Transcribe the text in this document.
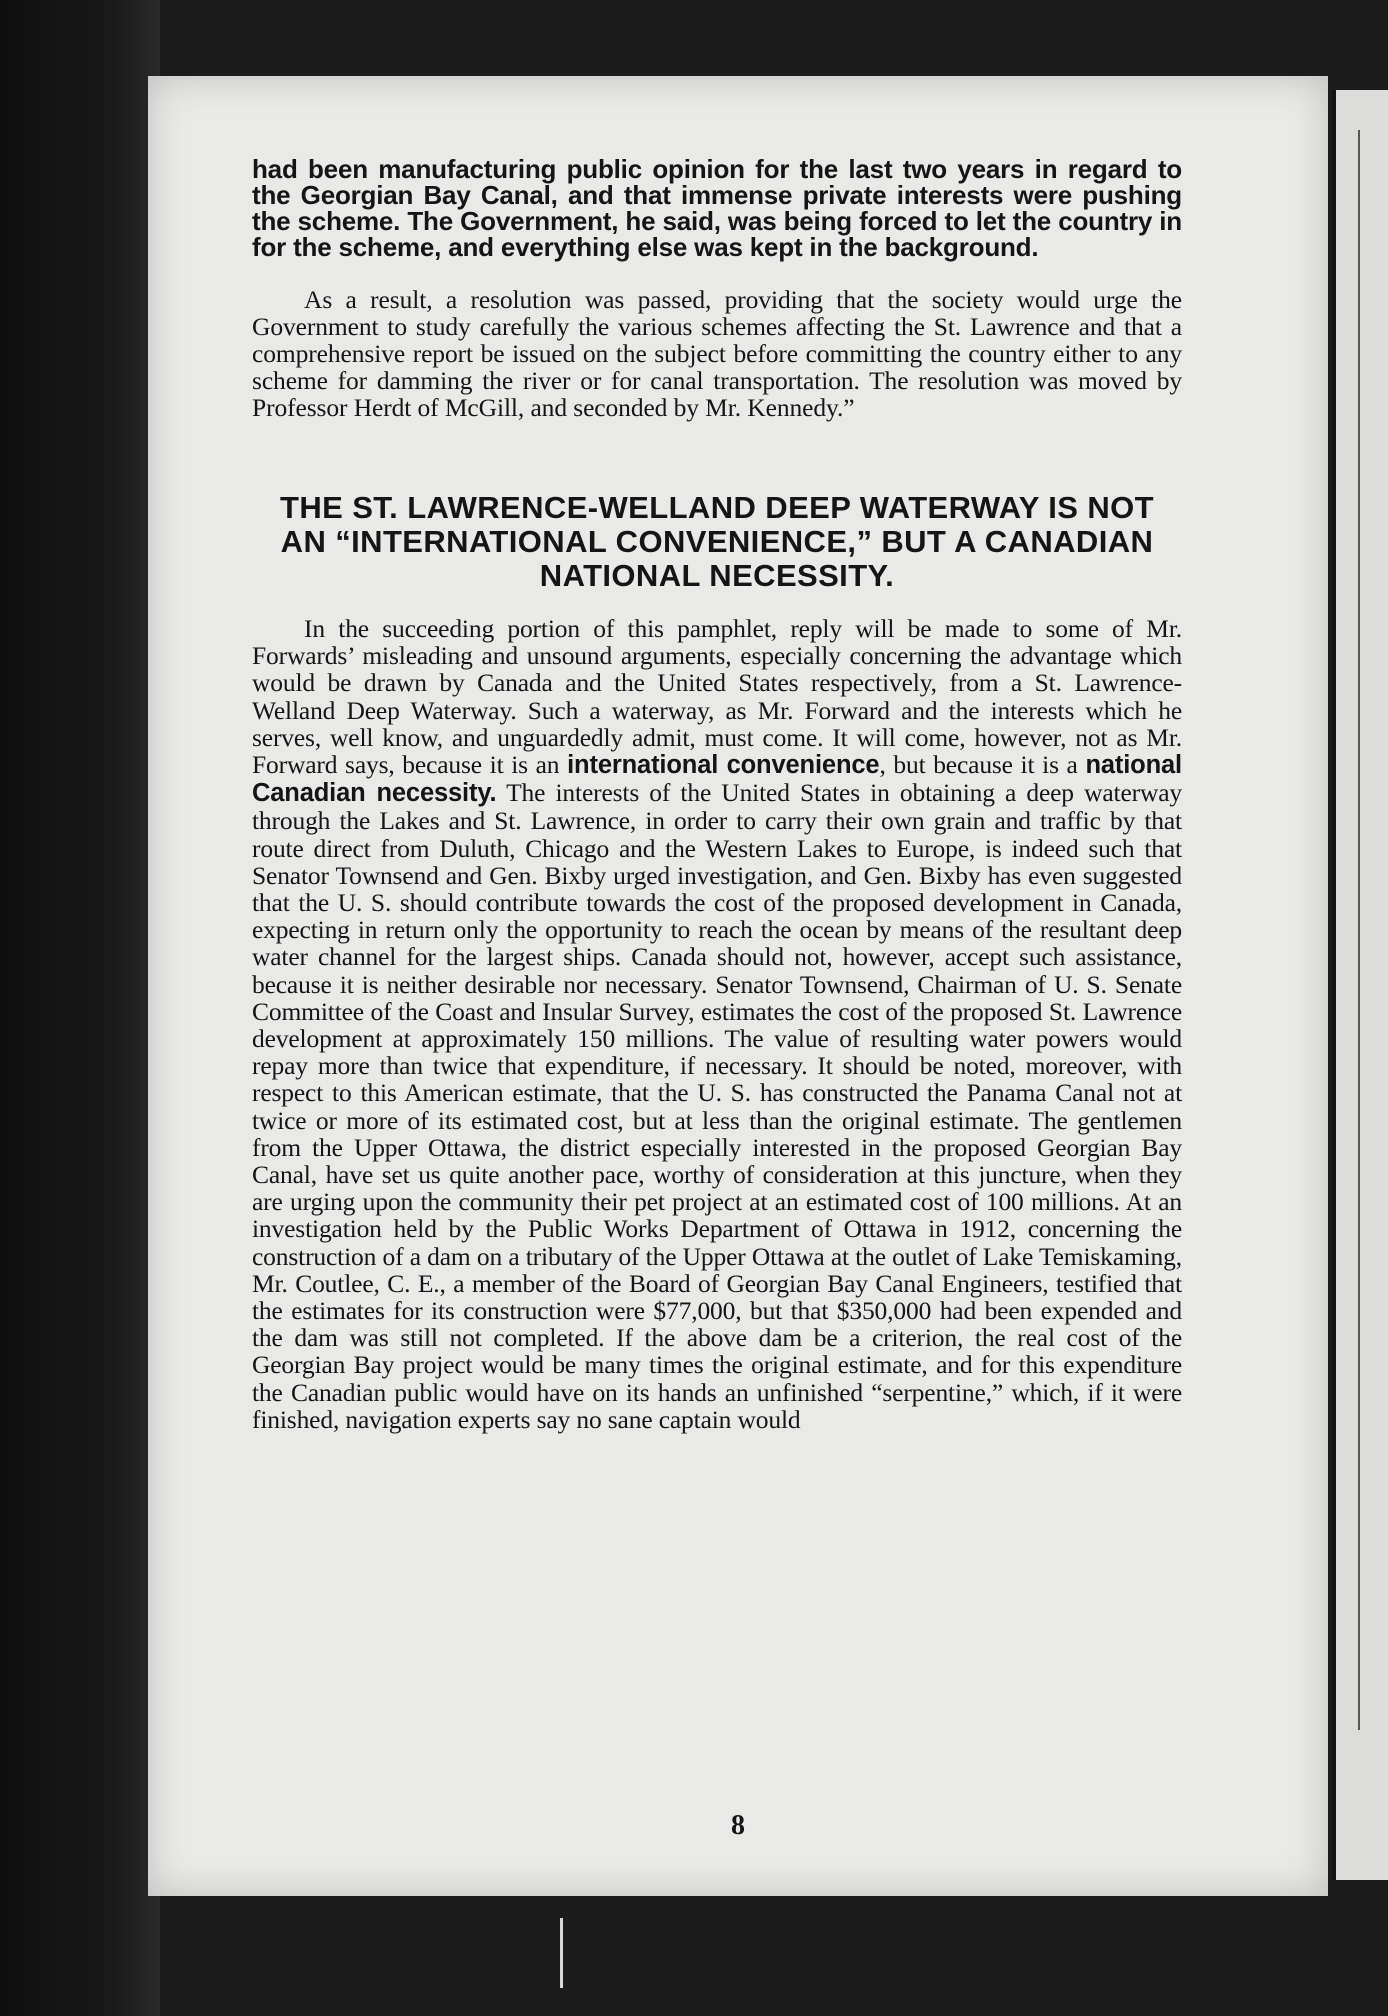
had been manufacturing public opinion for the last two years in regard to the Georgian Bay Canal, and that immense private interests were pushing the scheme. The Government, he said, was being forced to let the country in for the scheme, and everything else was kept in the background.

As a result, a resolution was passed, providing that the society would urge the Government to study carefully the various schemes affecting the St. Lawrence and that a comprehensive report be issued on the subject before committing the country either to any scheme for damming the river or for canal transportation. The resolution was moved by Professor Herdt of McGill, and seconded by Mr. Kennedy.”

THE ST. LAWRENCE-WELLAND DEEP WATERWAY IS NOT AN “INTERNATIONAL CONVENIENCE,” BUT A CANADIAN NATIONAL NECESSITY.

In the succeeding portion of this pamphlet, reply will be made to some of Mr. Forwards’ misleading and unsound arguments, especially concerning the advantage which would be drawn by Canada and the United States respectively, from a St. Lawrence-Welland Deep Waterway. Such a waterway, as Mr. Forward and the interests which he serves, well know, and unguardedly admit, must come. It will come, however, not as Mr. Forward says, because it is an international convenience, but because it is a national Canadian necessity. The interests of the United States in obtaining a deep waterway through the Lakes and St. Lawrence, in order to carry their own grain and traffic by that route direct from Duluth, Chicago and the Western Lakes to Europe, is indeed such that Senator Townsend and Gen. Bixby urged investigation, and Gen. Bixby has even suggested that the U. S. should contribute towards the cost of the proposed development in Canada, expecting in return only the opportunity to reach the ocean by means of the resultant deep water channel for the largest ships. Canada should not, however, accept such assistance, because it is neither desirable nor necessary. Senator Townsend, Chairman of U. S. Senate Committee of the Coast and Insular Survey, estimates the cost of the proposed St. Lawrence development at approximately 150 millions. The value of resulting water powers would repay more than twice that expenditure, if necessary. It should be noted, moreover, with respect to this American estimate, that the U. S. has constructed the Panama Canal not at twice or more of its estimated cost, but at less than the original estimate. The gentlemen from the Upper Ottawa, the district especially interested in the proposed Georgian Bay Canal, have set us quite another pace, worthy of consideration at this juncture, when they are urging upon the community their pet project at an estimated cost of 100 millions. At an investigation held by the Public Works Department of Ottawa in 1912, concerning the construction of a dam on a tributary of the Upper Ottawa at the outlet of Lake Temiskaming, Mr. Coutlee, C. E., a member of the Board of Georgian Bay Canal Engineers, testified that the estimates for its construction were $77,000, but that $350,000 had been expended and the dam was still not completed. If the above dam be a criterion, the real cost of the Georgian Bay project would be many times the original estimate, and for this expenditure the Canadian public would have on its hands an unfinished “serpentine,” which, if it were finished, navigation experts say no sane captain would

8
